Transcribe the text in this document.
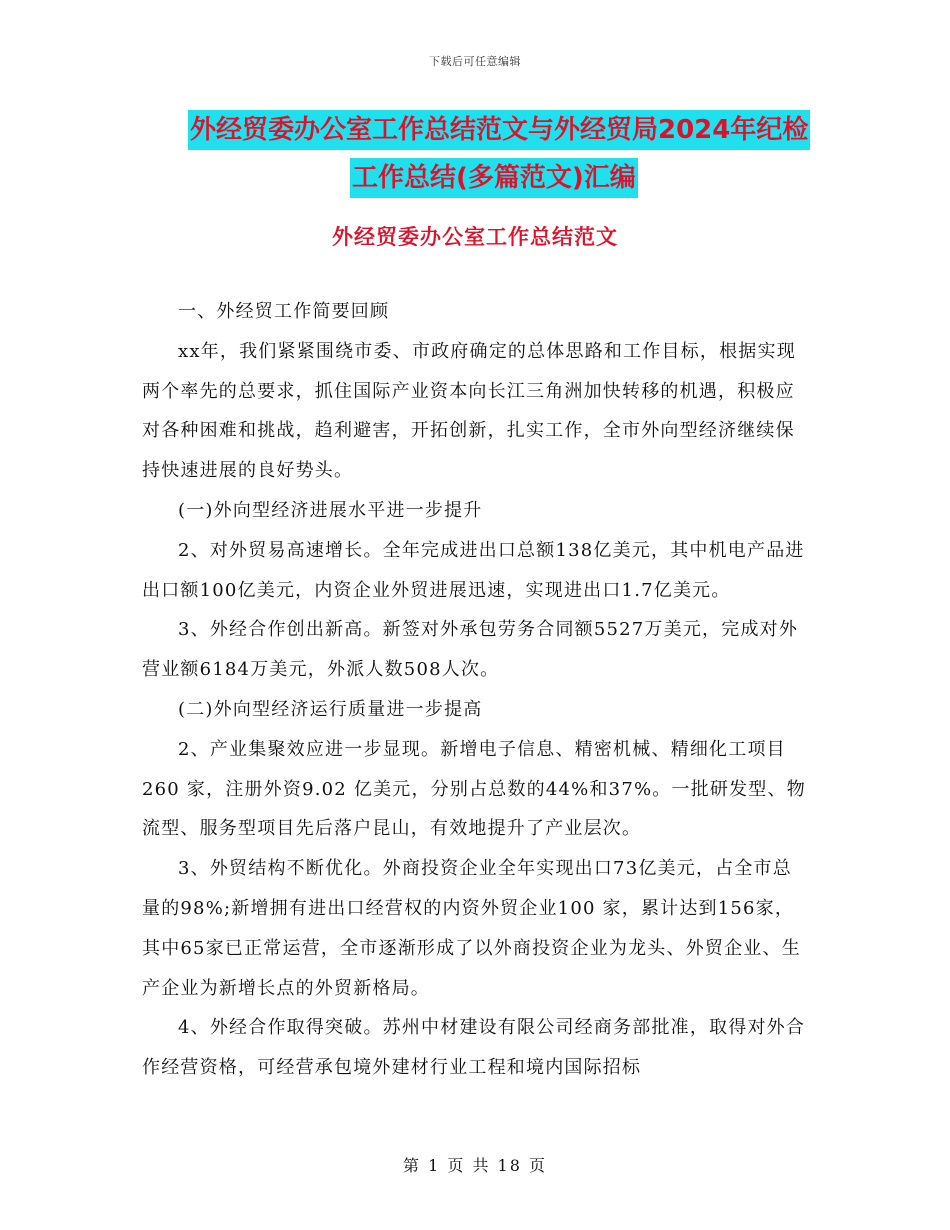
下载后可任意编辑
外经贸委办公室工作总结范文与外经贸局2024年纪检
工作总结(多篇范文)汇编
外经贸委办公室工作总结范文

一、外经贸工作简要回顾

xx年，我们紧紧围绕市委、市政府确定的总体思路和工作目标，根据实现两个率先的总要求，抓住国际产业资本向长江三角洲加快转移的机遇，积极应对各种困难和挑战，趋利避害，开拓创新，扎实工作，全市外向型经济继续保持快速进展的良好势头。

(一)外向型经济进展水平进一步提升

2、对外贸易高速增长。全年完成进出口总额138亿美元，其中机电产品进出口额100亿美元，内资企业外贸进展迅速，实现进出口1.7亿美元。

3、外经合作创出新高。新签对外承包劳务合同额5527万美元，完成对外营业额6184万美元，外派人数508人次。

(二)外向型经济运行质量进一步提高

2、产业集聚效应进一步显现。新增电子信息、精密机械、精细化工项目 260 家，注册外资9.02 亿美元，分别占总数的44%和37%。一批研发型、物流型、服务型项目先后落户昆山，有效地提升了产业层次。

3、外贸结构不断优化。外商投资企业全年实现出口73亿美元，占全市总量的98%;新增拥有进出口经营权的内资外贸企业100 家，累计达到156家，其中65家已正常运营，全市逐渐形成了以外商投资企业为龙头、外贸企业、生产企业为新增长点的外贸新格局。

4、外经合作取得突破。苏州中材建设有限公司经商务部批准，取得对外合作经营资格，可经营承包境外建材行业工程和境内国际招标

第 1 页 共 18 页
